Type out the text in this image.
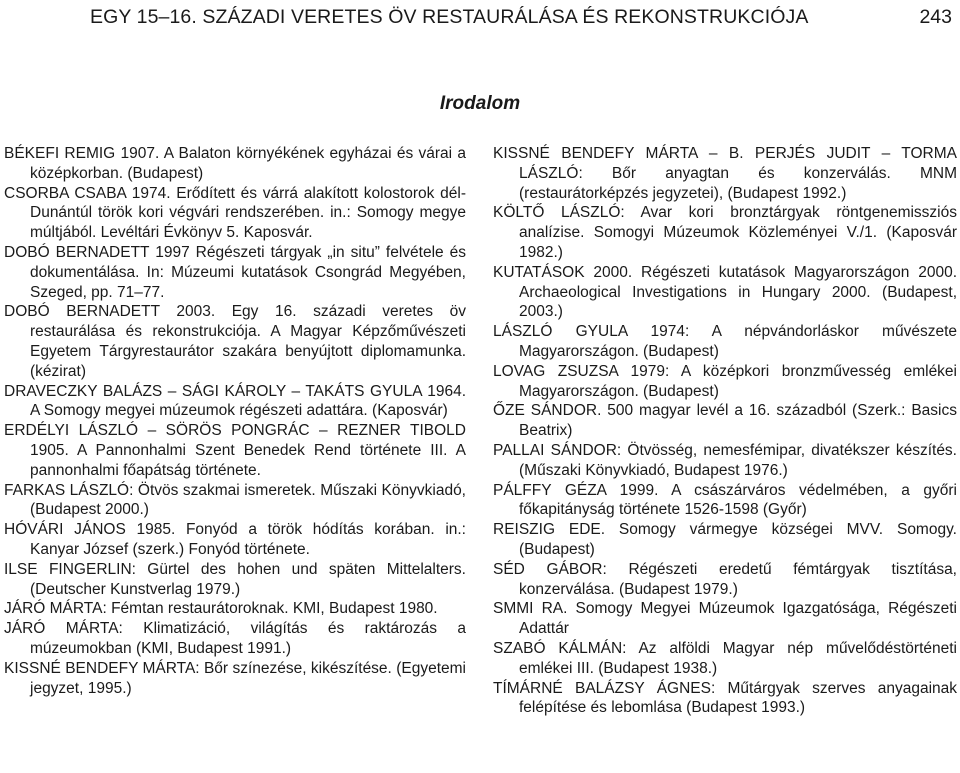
EGY 15–16. SZÁZADI VERETES ÖV RESTAURÁLÁSA ÉS REKONSTRUKCIÓJA	243
Irodalom

BÉKEFI REMIG 1907. A Balaton környékének egyházai és várai a középkorban. (Budapest)

CSORBA CSABA 1974. Erődített és várrá alakított kolostorok dél-Dunántúl török kori végvári rendszerében. in.: Somogy megye múltjából. Levéltári Évkönyv 5. Kaposvár.

DOBÓ BERNADETT 1997 Régészeti tárgyak „in situ” felvétele és dokumentálása. In: Múzeumi kutatások Csongrád Megyében, Szeged, pp. 71–77.

DOBÓ BERNADETT 2003. Egy 16. századi veretes öv restaurálása és rekonstrukciója. A Magyar Képzőművészeti Egyetem Tárgyrestaurátor szakára benyújtott diplomamunka. (kézirat)

DRAVECZKY BALÁZS – SÁGI KÁROLY – TAKÁTS GYULA 1964. A Somogy megyei múzeumok régészeti adattára. (Kaposvár)

ERDÉLYI LÁSZLÓ – SÖRÖS PONGRÁC – REZNER TIBOLD 1905. A Pannonhalmi Szent Benedek Rend története III. A pannonhalmi főapátság története.

FARKAS LÁSZLÓ: Ötvös szakmai ismeretek. Műszaki Könyvkiadó, (Budapest 2000.)

HÓVÁRI JÁNOS 1985. Fonyód a török hódítás korában. in.: Kanyar József (szerk.) Fonyód története.

ILSE FINGERLIN: Gürtel des hohen und späten Mittelalters. (Deutscher Kunstverlag 1979.)

JÁRÓ MÁRTA: Fémtan restaurátoroknak. KMI, Budapest 1980.

JÁRÓ MÁRTA: Klimatizáció, világítás és raktározás a múzeumokban (KMI, Budapest 1991.)

KISSNÉ BENDEFY MÁRTA: Bőr színezése, kikészítése. (Egyetemi jegyzet, 1995.)

KISSNÉ BENDEFY MÁRTA – B. PERJÉS JUDIT – TORMA LÁSZLÓ: Bőr anyagtan és konzerválás. MNM (restaurátorképzés jegyzetei), (Budapest 1992.)

KÖLTŐ LÁSZLÓ: Avar kori bronztárgyak röntgenemissziós analízise. Somogyi Múzeumok Közleményei V./1. (Kaposvár 1982.)

KUTATÁSOK 2000. Régészeti kutatások Magyarországon 2000. Archaeological Investigations in Hungary 2000. (Budapest, 2003.)

LÁSZLÓ GYULA 1974: A népvándorláskor művészete Magyarországon. (Budapest)

LOVAG ZSUZSA 1979: A középkori bronzművesség emlékei Magyarországon. (Budapest)

ŐZE SÁNDOR. 500 magyar levél a 16. századból (Szerk.: Basics Beatrix)

PALLAI SÁNDOR: Ötvösség, nemesfémipar, divatékszer készítés. (Műszaki Könyvkiadó, Budapest 1976.)

PÁLFFY GÉZA 1999. A császárváros védelmében, a győri főkapitányság története 1526-1598 (Győr)

REISZIG EDE. Somogy vármegye községei MVV. Somogy. (Budapest)

SÉD GÁBOR: Régészeti eredetű fémtárgyak tisztítása, konzerválása. (Budapest 1979.)

SMMI RA. Somogy Megyei Múzeumok Igazgatósága, Régészeti Adattár

SZABÓ KÁLMÁN: Az alföldi Magyar nép művelődéstörténeti emlékei III. (Budapest 1938.)

TÍMÁRNÉ BALÁZSY ÁGNES: Műtárgyak szerves anyagainak felépítése és lebomlása (Budapest 1993.)
